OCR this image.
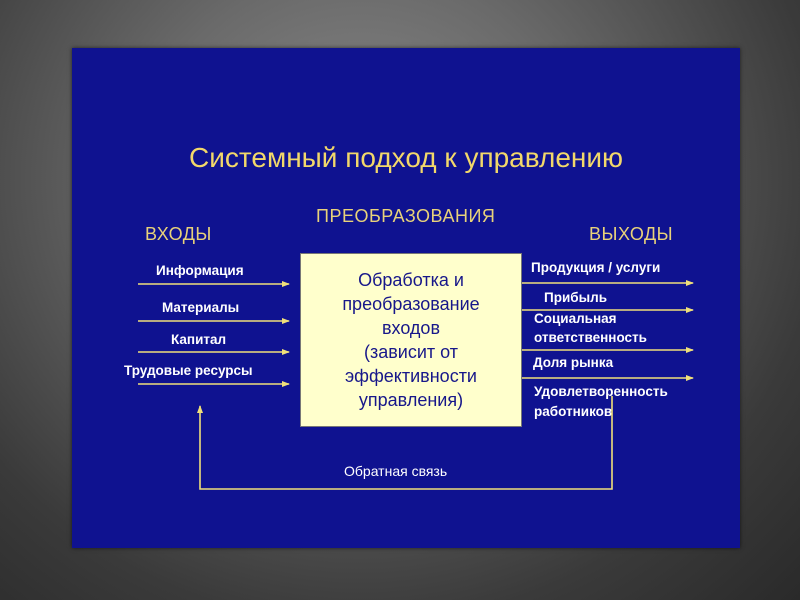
Системный подход к управлению
ВХОДЫ
ПРЕОБРАЗОВАНИЯ
ВЫХОДЫ
Информация
Материалы
Капитал
Трудовые ресурсы
Обработка и
преобразование
входов
(зависит от
эффективности
управления)
Продукция / услуги
Прибыль
Социальная
ответственность
Доля рынка
Удовлетворенность
работников
Обратная связь
